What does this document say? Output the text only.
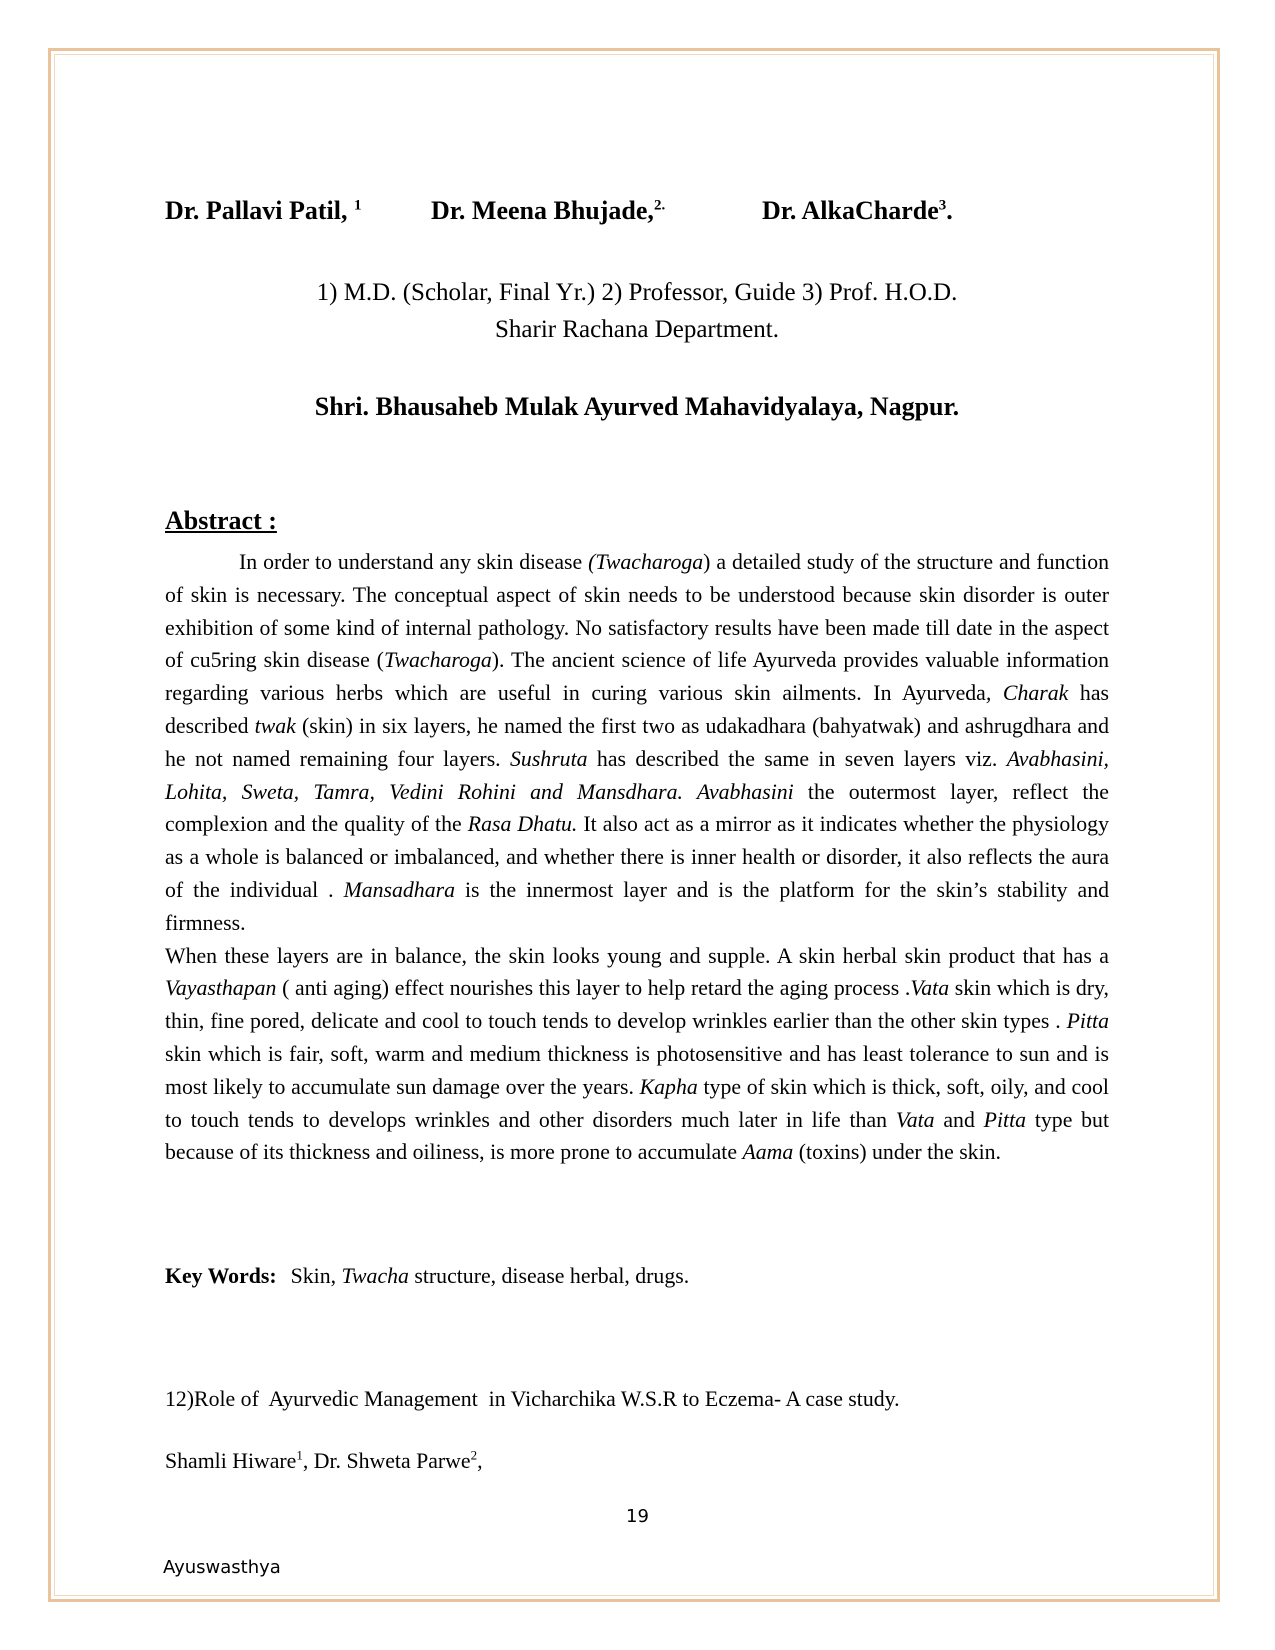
Dr. Pallavi Patil, $^1$	Dr. Meena Bhujade,$^{2.}$	Dr. AlkaCharde$^3$.
1) M.D. (Scholar, Final Yr.) 2) Professor, Guide 3) Prof. H.O.D.
Sharir Rachana Department.
Shri. Bhausaheb Mulak Ayurved Mahavidyalaya, Nagpur.
Abstract :

In order to understand any skin disease (Twacharoga) a detailed study of the structure and function of skin is necessary. The conceptual aspect of skin needs to be understood because skin disorder is outer exhibition of some kind of internal pathology. No satisfactory results have been made till date in the aspect of cu5ring skin disease (Twacharoga). The ancient science of life Ayurveda provides valuable information regarding various herbs which are useful in curing various skin ailments. In Ayurveda, Charak has described twak (skin) in six layers, he named the first two as udakadhara (bahyatwak) and ashrugdhara and he not named remaining four layers. Sushruta has described the same in seven layers viz. Avabhasini, Lohita, Sweta, Tamra, Vedini Rohini and Mansdhara. Avabhasini the outermost layer, reflect the complexion and the quality of the Rasa Dhatu. It also act as a mirror as it indicates whether the physiology as a whole is balanced or imbalanced, and whether there is inner health or disorder, it also reflects the aura of the individual . Mansadhara is the innermost layer and is the platform for the skin’s stability and firmness.

When these layers are in balance, the skin looks young and supple. A skin herbal skin product that has a Vayasthapan ( anti aging) effect nourishes this layer to help retard the aging process .Vata skin which is dry, thin, fine pored, delicate and cool to touch tends to develop wrinkles earlier than the other skin types . Pitta skin which is fair, soft, warm and medium thickness is photosensitive and has least tolerance to sun and is most likely to accumulate sun damage over the years. Kapha type of skin which is thick, soft, oily, and cool to touch tends to develops wrinkles and other disorders much later in life than Vata and Pitta type but because of its thickness and oiliness, is more prone to accumulate Aama (toxins) under the skin.

Key Words: Skin, Twacha structure, disease herbal, drugs.
12)Role of  Ayurvedic Management  in Vicharchika W.S.R to Eczema- A case study.
Shamli Hiware$^1$, Dr. Shweta Parwe$^2$,
19
Ayuswasthya
